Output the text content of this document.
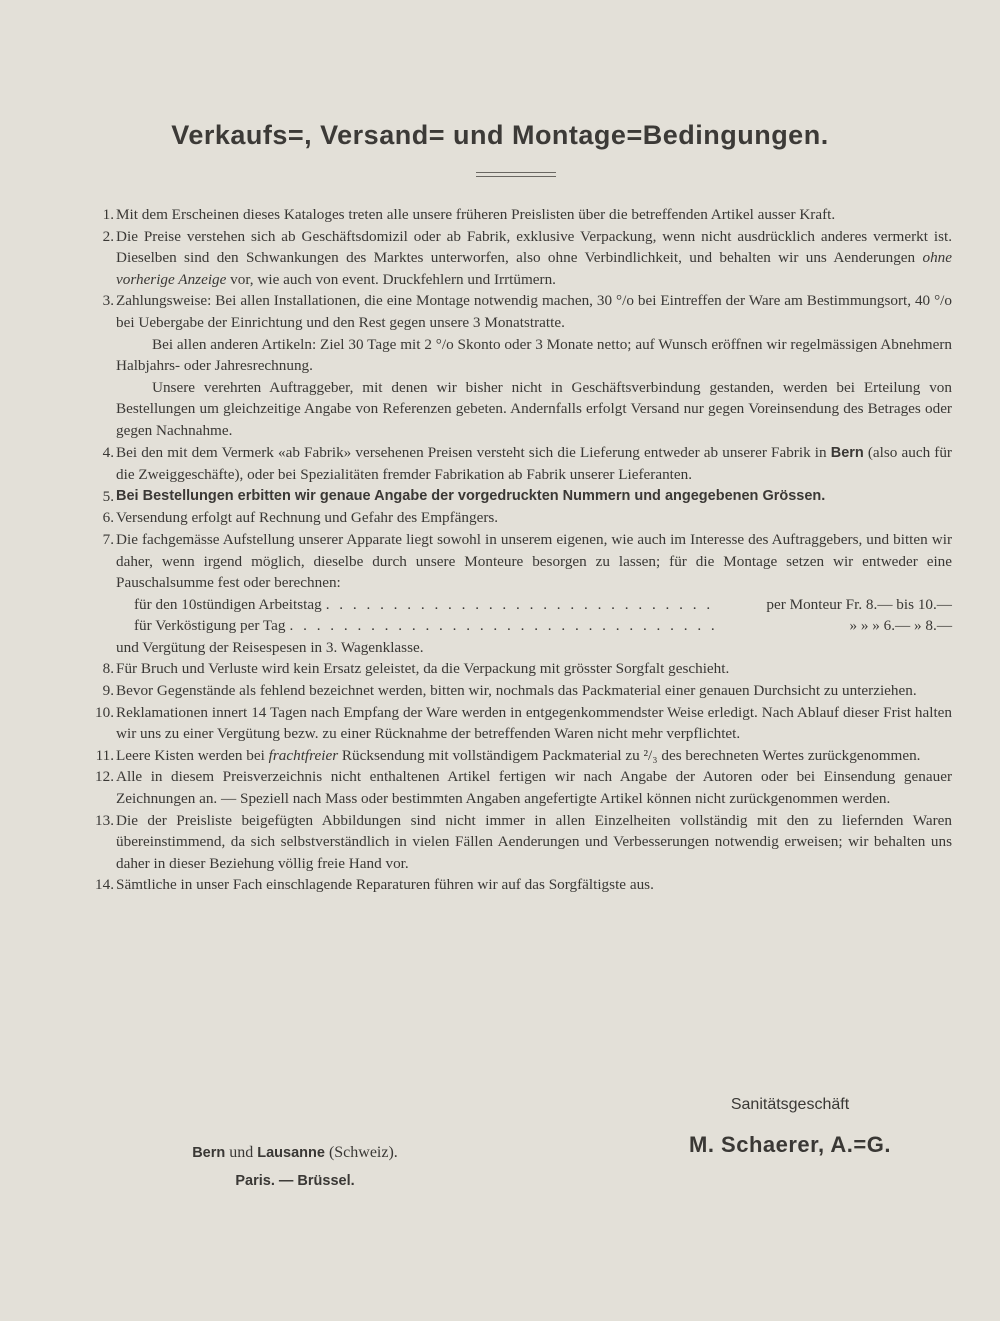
Verkaufs=, Versand= und Montage=Bedingungen.
1. Mit dem Erscheinen dieses Kataloges treten alle unsere früheren Preislisten über die betreffenden Artikel ausser Kraft.

2. Die Preise verstehen sich ab Geschäftsdomizil oder ab Fabrik, exklusive Verpackung, wenn nicht ausdrücklich anderes vermerkt ist. Dieselben sind den Schwankungen des Marktes unterworfen, also ohne Verbindlichkeit, und behalten wir uns Aenderungen ohne vorherige Anzeige vor, wie auch von event. Druckfehlern und Irrtümern.

3. Zahlungsweise: Bei allen Installationen, die eine Montage notwendig machen, 30 °/o bei Eintreffen der Ware am Bestimmungsort, 40 °/o bei Uebergabe der Einrichtung und den Rest gegen unsere 3 Monatstratte.

Bei allen anderen Artikeln: Ziel 30 Tage mit 2 °/o Skonto oder 3 Monate netto; auf Wunsch eröffnen wir regelmässigen Abnehmern Halbjahrs- oder Jahresrechnung.

Unsere verehrten Auftraggeber, mit denen wir bisher nicht in Geschäftsverbindung gestanden, werden bei Erteilung von Bestellungen um gleichzeitige Angabe von Referenzen gebeten. Andernfalls erfolgt Versand nur gegen Voreinsendung des Betrages oder gegen Nachnahme.

4. Bei den mit dem Vermerk «ab Fabrik» versehenen Preisen versteht sich die Lieferung entweder ab unserer Fabrik in Bern (also auch für die Zweiggeschäfte), oder bei Spezialitäten fremder Fabrikation ab Fabrik unserer Lieferanten.

5. Bei Bestellungen erbitten wir genaue Angabe der vorgedruckten Nummern und angegebenen Grössen.

6. Versendung erfolgt auf Rechnung und Gefahr des Empfängers.

7. Die fachgemässe Aufstellung unserer Apparate liegt sowohl in unserem eigenen, wie auch im Interesse des Auftraggebers, und bitten wir daher, wenn irgend möglich, dieselbe durch unsere Monteure besorgen zu lassen; für die Montage setzen wir entweder eine Pauschalsumme fest oder berechnen:

für den 10stündigen Arbeitstag . . . . . . . . . . . . . . . . . . . . . . . . . . . . .	per Monteur Fr. 8.— bis 10.—
für Verköstigung per Tag . . . . . . . . . . . . . . . . . . . . . . . . . . . . . . . .	» » » 6.— » 8.—

und Vergütung der Reisespesen in 3. Wagenklasse.

8. Für Bruch und Verluste wird kein Ersatz geleistet, da die Verpackung mit grösster Sorgfalt geschieht.

9. Bevor Gegenstände als fehlend bezeichnet werden, bitten wir, nochmals das Packmaterial einer genauen Durchsicht zu unterziehen.

10. Reklamationen innert 14 Tagen nach Empfang der Ware werden in entgegenkommendster Weise erledigt. Nach Ablauf dieser Frist halten wir uns zu einer Vergütung bezw. zu einer Rücknahme der betreffenden Waren nicht mehr verpflichtet.

11. Leere Kisten werden bei frachtfreier Rücksendung mit vollständigem Packmaterial zu ²/₃ des berechneten Wertes zurückgenommen.

12. Alle in diesem Preisverzeichnis nicht enthaltenen Artikel fertigen wir nach Angabe der Autoren oder bei Einsendung genauer Zeichnungen an. — Speziell nach Mass oder bestimmten Angaben angefertigte Artikel können nicht zurückgenommen werden.

13. Die der Preisliste beigefügten Abbildungen sind nicht immer in allen Einzelheiten vollständig mit den zu liefernden Waren übereinstimmend, da sich selbstverständlich in vielen Fällen Aenderungen und Verbesserungen notwendig erweisen; wir behalten uns daher in dieser Beziehung völlig freie Hand vor.

14. Sämtliche in unser Fach einschlagende Reparaturen führen wir auf das Sorgfältigste aus.

Bern und Lausanne (Schweiz).
Paris. — Brüssel.
Sanitätsgeschäft
M. Schaerer, A.=G.
